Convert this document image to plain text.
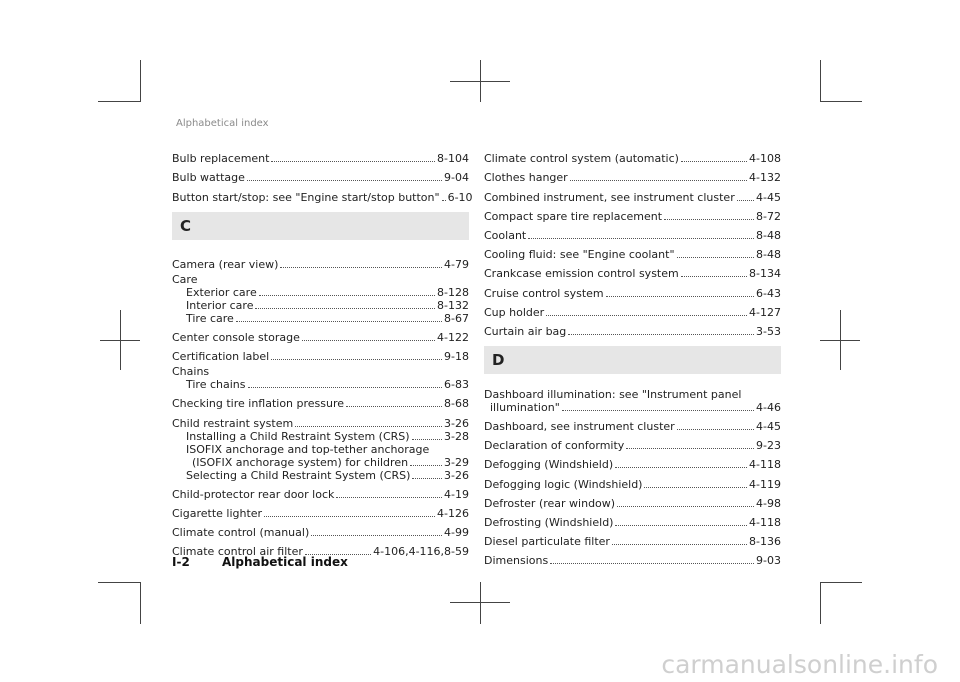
Alphabetical index
Bulb replacement	8-104
Bulb wattage	9-04
Button start/stop: see "Engine start/stop button" 6-10
C
Camera (rear view)	4-79
Care
Exterior care	8-128
Interior care	8-132
Tire care	8-67
Center console storage	4-122
Certification label	9-18
Chains
Tire chains	6-83
Checking tire inflation pressure	8-68
Child restraint system	3-26
Installing a Child Restraint System (CRS)	3-28
ISOFIX anchorage and top-tether anchorage
(ISOFIX anchorage system) for children	3-29
Selecting a Child Restraint System (CRS)	3-26
Child-protector rear door lock	4-19
Cigarette lighter	4-126
Climate control (manual)	4-99
Climate control air filter	4-106,4-116,8-59
Climate control system (automatic)	4-108
Clothes hanger	4-132
Combined instrument, see instrument cluster 4-45
Compact spare tire replacement	8-72
Coolant	8-48
Cooling fluid: see "Engine coolant"	8-48
Crankcase emission control system	8-134
Cruise control system	6-43
Cup holder	4-127
Curtain air bag	3-53
D
Dashboard illumination: see "Instrument panel
illumination"	4-46
Dashboard, see instrument cluster	4-45
Declaration of conformity	9-23
Defogging (Windshield)	4-118
Defogging logic (Windshield)	4-119
Defroster (rear window)	4-98
Defrosting (Windshield)	4-118
Diesel particulate filter	8-136
Dimensions	9-03
I-2	Alphabetical index
carmanualsonline.info
